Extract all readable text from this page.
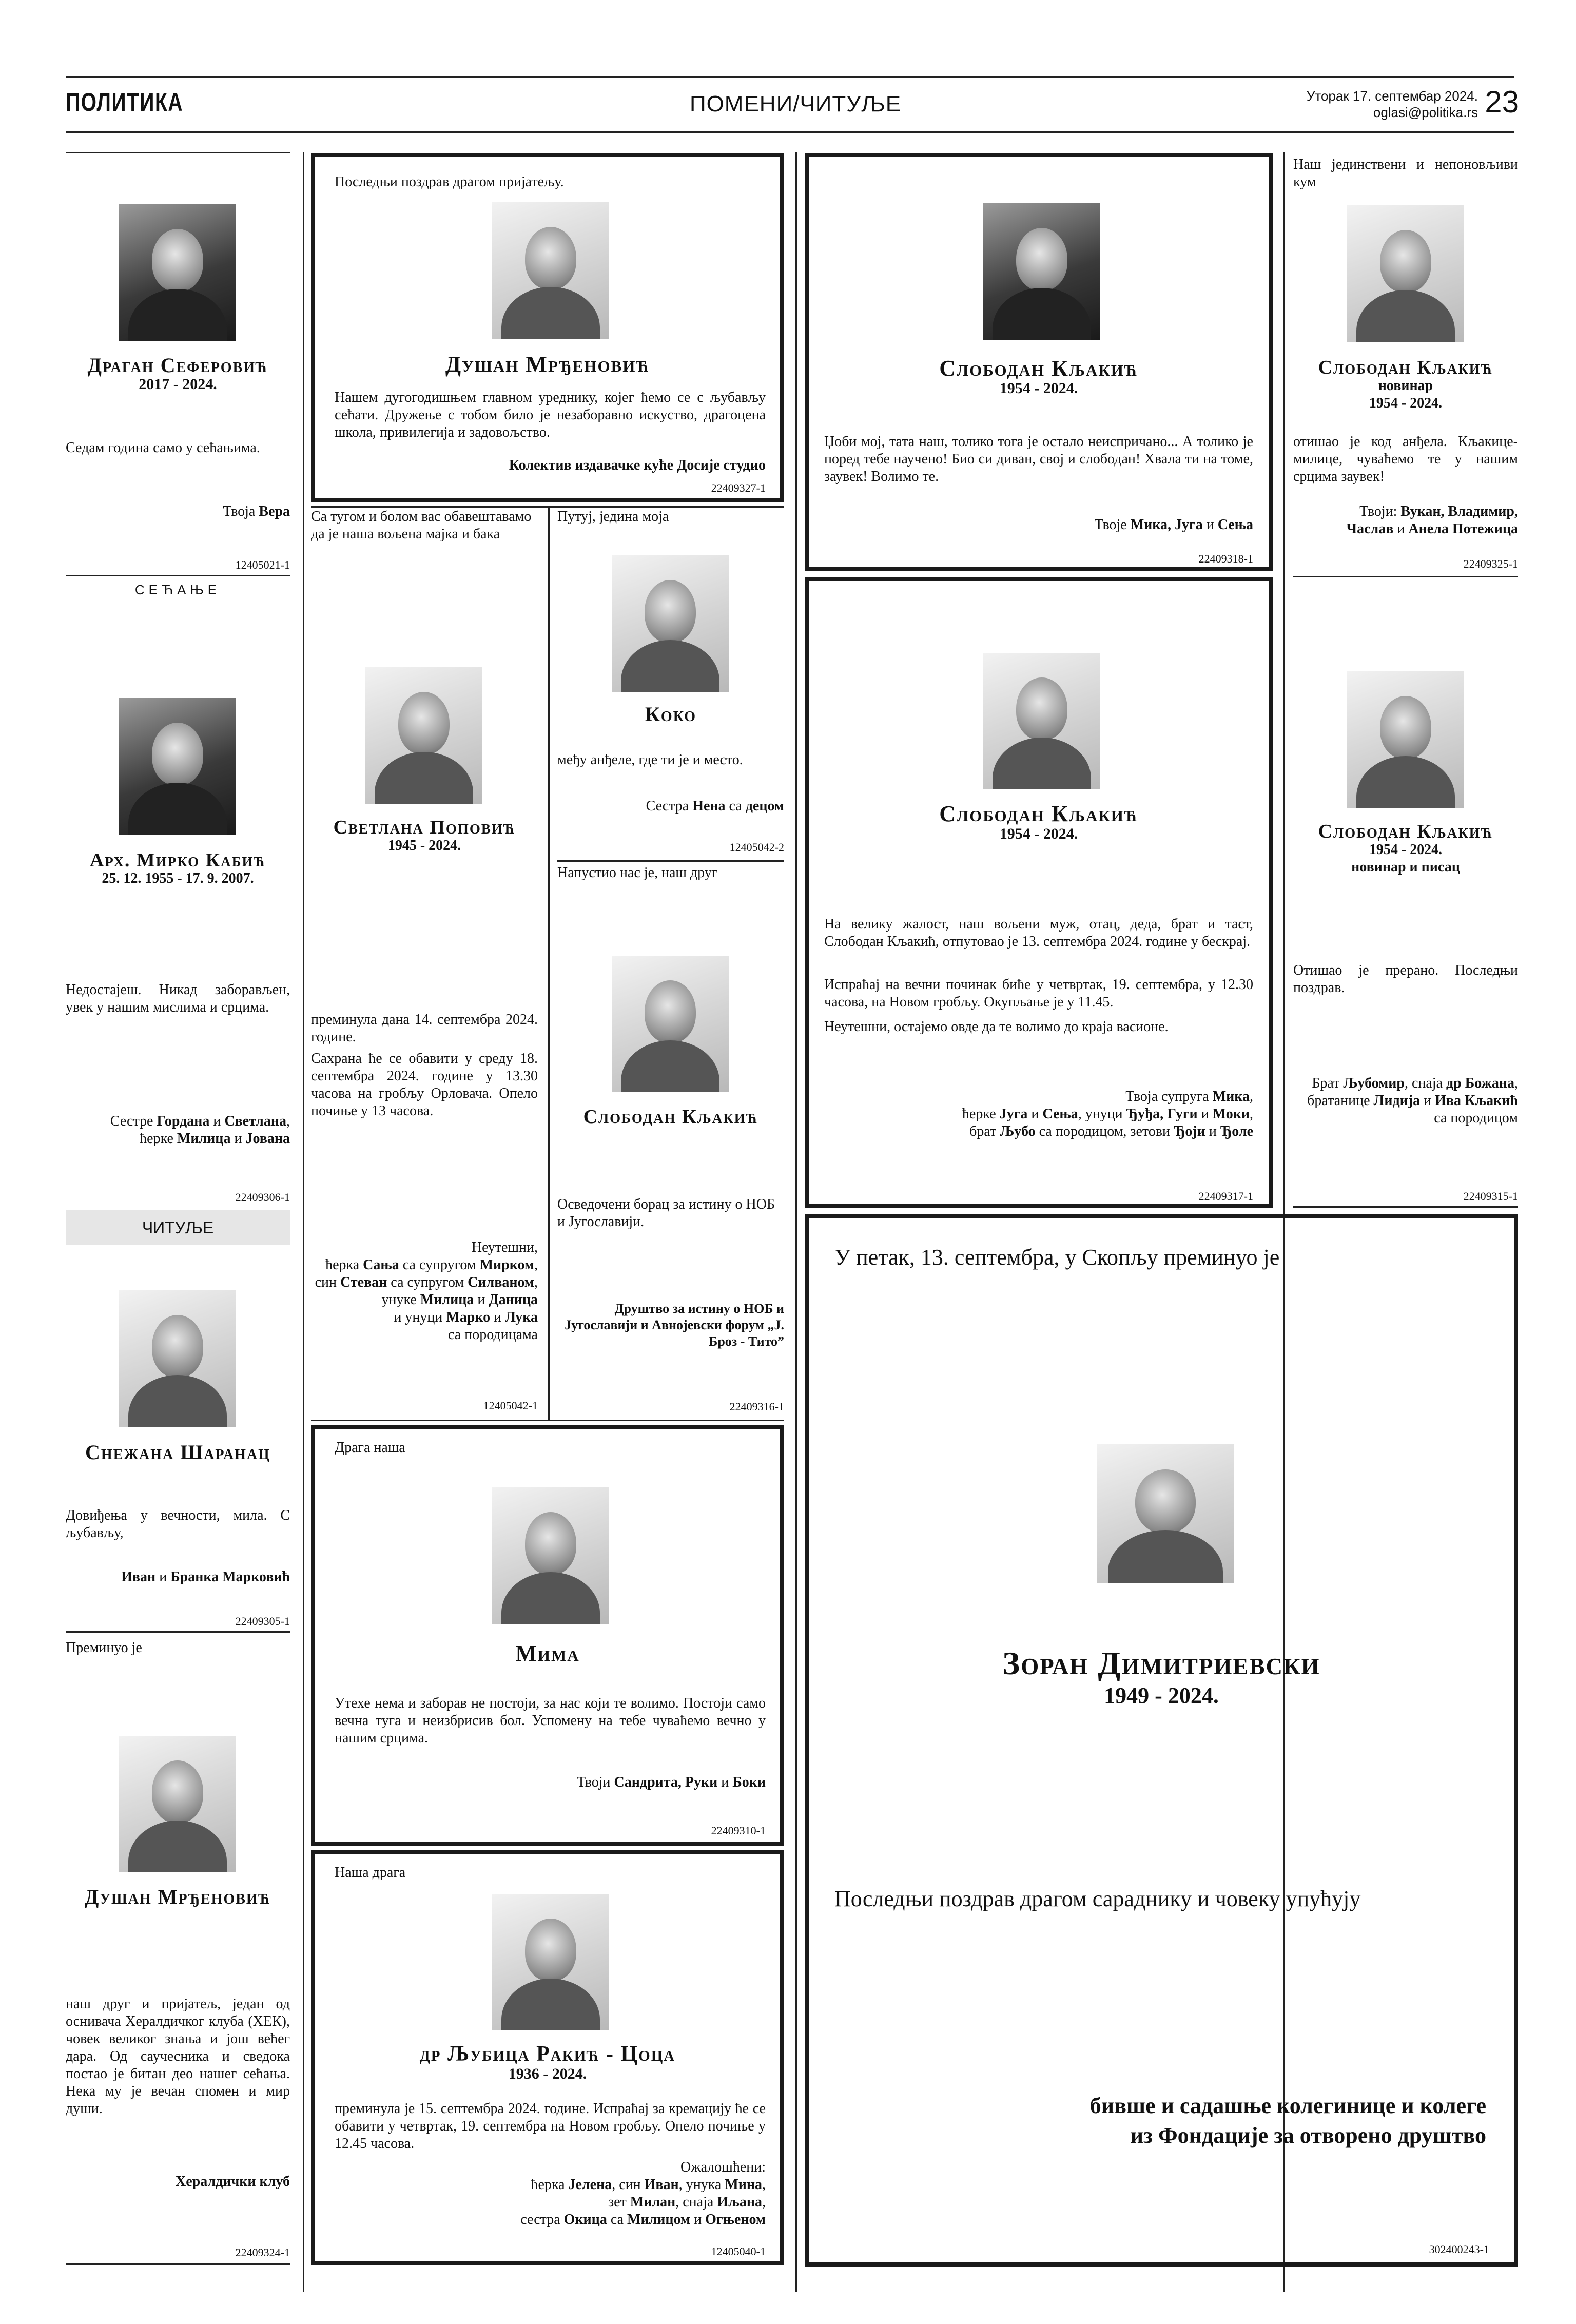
ПОЛИТИКА	ПОМЕНИ/ЧИТУЉЕ	Уторак 17. септембар 2024.
oglasi@politika.rs 23
Драган Сеферовић
2017 - 2024.
Седам година само у сећањима.
Твоја Вера
12405021-1
СЕЋАЊЕ
Арх. Мирко Кабић
25. 12. 1955 - 17. 9. 2007.
Недостајеш. Никад заборављен, увек у нашим мислима и срцима.
Сестре Гордана и Светлана,
ћерке Милица и Јована
22409306-1
ЧИТУЉЕ
Снежана Шаранац
Довиђења у вечности, мила. С љубављу,
Иван и Бранка Марковић
22409305-1
Преминуо је
Душан Мрђеновић
наш друг и пријатељ, један од оснивача Хералдичког клуба (ХЕК), човек великог знања и још већег дара. Од саучесника и сведока постао је битан део нашег сећања. Нека му је вечан спомен и мир души.
Хералдички клуб
22409324-1
Последњи поздрав драгом пријатељу.
Душан Мрђеновић
Нашем дугогодишњем главном уреднику, којег ћемо се с љубављу сећати. Дружење с тобом било је незаборавно искуство, драгоцена школа, привилегија и задовољство.
Колектив издавачке куће Досије студио
22409327-1
Са тугом и болом вас обавештавамо да је наша вољена мајка и бака
Светлана Поповић
1945 - 2024.
преминула дана 14. септембра 2024. године.
Сахрана ће се обавити у среду 18. септембра 2024. године у 13.30 часова на гробљу Орловача. Опело почиње у 13 часова.
Неутешни,
ћерка Сања са супругом Мирком,
син Стеван са супругом Силваном,
унуке Милица и Даница
и унуци Марко и Лука
са породицама
12405042-1
Путуј, једина моја
Коко
међу анђеле, где ти је и место.
Сестра Нена са децом
12405042-2
Напустио нас је, наш друг
Слободан Кљакић
Осведочени борац за истину о НОБ и Југославији.
Друштво за истину о НОБ и Југославији и Авнојевски форум „Ј. Броз - Тито”
22409316-1
Драга наша
Мима
Утехе нема и заборав не постоји, за нас који те волимо. Постоји само вечна туга и неизбрисив бол. Успомену на тебе чуваћемо вечно у нашим срцима.
Твоји Сандрита, Руки и Боки
22409310-1
Наша драга
др Љубица Ракић - Цоца
1936 - 2024.
преминула је 15. септембра 2024. године. Испраћај за кремацију ће се обавити у четвртак, 19. септембра на Новом гробљу. Опело почиње у 12.45 часова.
Ожалошћени:
ћерка Јелена, син Иван, унука Мина,
зет Милан, снаја Иљана,
сестра Окица са Милицом и Огњеном
12405040-1
Слободан Кљакић
1954 - 2024.
Џоби мој, тата наш, толико тога је остало неиспричано... А толико је поред тебе научено! Био си диван, свој и слободан! Хвала ти на томе, заувек! Волимо те.
Твоје Мика, Југа и Сења
22409318-1
Слободан Кљакић
1954 - 2024.
На велику жалост, наш вољени муж, отац, деда, брат и таст, Слободан Кљакић, отпутовао је 13. септембра 2024. године у бескрај.
Испраћај на вечни починак биће у четвртак, 19. септембра, у 12.30 часова, на Новом гробљу. Окупљање је у 11.45.
Неутешни, остајемо овде да те волимо до краја васионе.
Твоја супруга Мика,
ћерке Југа и Сења, унуци Ђуђа, Гуги и Моки,
брат Љубо са породицом, зетови Ђоји и Ђоле
22409317-1
У петак, 13. септембра, у Скопљу преминуо је
Зоран Димитриевски
1949 - 2024.
Последњи поздрав драгом сараднику и човеку упућују
бивше и садашње колегинице и колеге
из Фондације за отворено друштво
302400243-1
Наш јединствени и непоновљиви кум
Слободан Кљакић
новинар
1954 - 2024.
отишао је код анђела. Кљакице-милице, чуваћемо те у нашим срцима заувек!
Твоји: Вукан, Владимир,
Часлав и Анела Потежица
22409325-1
Слободан Кљакић
1954 - 2024.
новинар и писац
Отишао је прерано. Последњи поздрав.
Брат Љубомир, снаја др Божана,
братанице Лидија и Ива Кљакић
са породицом
22409315-1
